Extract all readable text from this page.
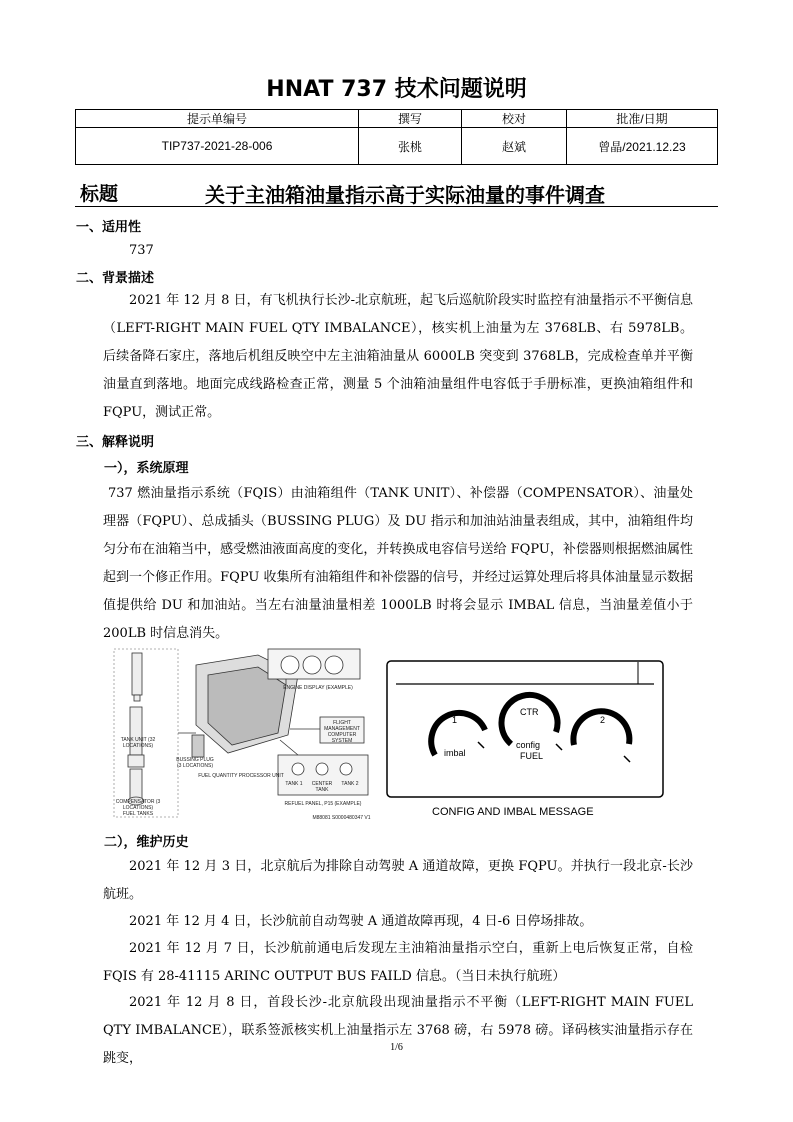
HNAT 737 技术问题说明
提示单编号	撰写	校对	批准/日期
TIP737-2021-28-006	张桃	赵斌	曾晶/2021.12.23
标题	关于主油箱油量指示高于实际油量的事件调查
一、适用性
737
二、背景描述
2021 年 12 月 8 日，有飞机执行长沙-北京航班，起飞后巡航阶段实时监控有油量指示不平衡信息（LEFT-RIGHT MAIN FUEL QTY IMBALANCE），核实机上油量为左 3768LB、右 5978LB。后续备降石家庄，落地后机组反映空中左主油箱油量从 6000LB 突变到 3768LB，完成检查单并平衡油量直到落地。地面完成线路检查正常，测量 5 个油箱油量组件电容低于手册标准，更换油箱组件和 FQPU，测试正常。
三、解释说明
一），系统原理
737 燃油量指示系统（FQIS）由油箱组件（TANK UNIT）、补偿器（COMPENSATOR）、油量处理器（FQPU）、总成插头（BUSSING PLUG）及 DU 指示和加油站油量表组成，其中，油箱组件均匀分布在油箱当中，感受燃油液面高度的变化，并转换成电容信号送给 FQPU，补偿器则根据燃油属性起到一个修正作用。FQPU 收集所有油箱组件和补偿器的信号，并经过运算处理后将具体油量显示数据值提供给 DU 和加油站。当左右油量油量相差 1000LB 时将会显示 IMBAL 信息，当油量差值小于 200LB 时信息消失。
TANK UNIT (32 LOCATIONS)
COMPENSATOR (3 LOCATIONS)
FUEL TANKS
BUSSING PLUG (3 LOCATIONS)
FUEL QUANTITY PROCESSOR UNIT
ENGINE DISPLAY (EXAMPLE)
FLIGHT MANAGEMENT COMPUTER SYSTEM
TANK 1	CENTER TANK
TANK 2
REFUEL PANEL, P15 (EXAMPLE)
M88081 S0000480347 V1
1
CTR
2
imbal
config
FUEL
CONFIG AND IMBAL MESSAGE
二），维护历史
2021 年 12 月 3 日，北京航后为排除自动驾驶 A 通道故障，更换 FQPU。并执行一段北京-长沙航班。
2021 年 12 月 4 日，长沙航前自动驾驶 A 通道故障再现，4 日-6 日停场排故。
2021 年 12 月 7 日，长沙航前通电后发现左主油箱油量指示空白，重新上电后恢复正常，自检 FQIS 有 28-41115 ARINC OUTPUT BUS FAILD 信息。（当日未执行航班）
2021 年 12 月 8 日，首段长沙-北京航段出现油量指示不平衡（LEFT-RIGHT MAIN FUEL QTY IMBALANCE），联系签派核实机上油量指示左 3768 磅，右 5978 磅。译码核实油量指示存在跳变，
1/6
